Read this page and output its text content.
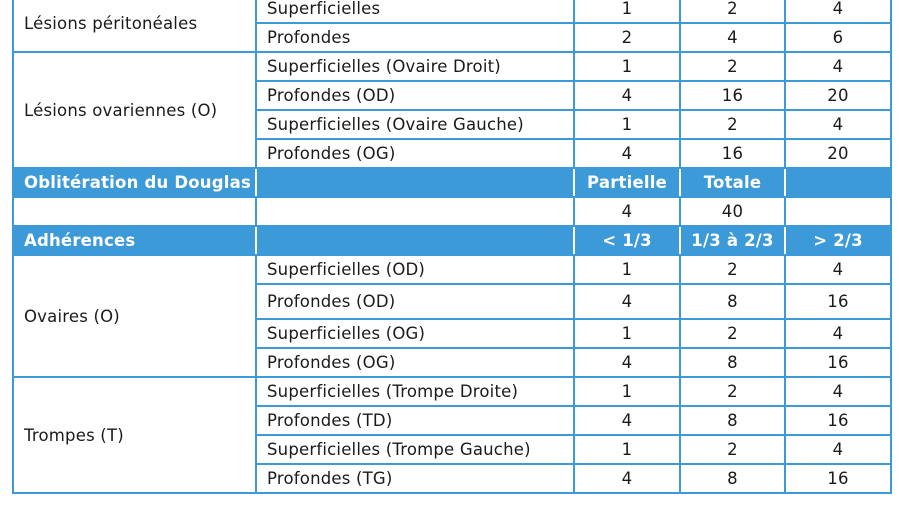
Lésions péritonéales	Superficielles	1	2	4
	Profondes	2	4	6
Lésions ovariennes (O)	Superficielles (Ovaire Droit)	1	2	4
	Profondes (OD)	4	16	20
	Superficielles (Ovaire Gauche)	1	2	4
	Profondes (OG)	4	16	20
Oblitération du Douglas		Partielle	Totale	
		4	40	
Adhérences		< 1/3	1/3 à 2/3	> 2/3
Ovaires (O)	Superficielles (OD)	1	2	4
	Profondes (OD)	4	8	16
	Superficielles (OG)	1	2	4
	Profondes (OG)	4	8	16
Trompes (T)	Superficielles (Trompe Droite)	1	2	4
	Profondes (TD)	4	8	16
	Superficielles (Trompe Gauche)	1	2	4
	Profondes (TG)	4	8	16
